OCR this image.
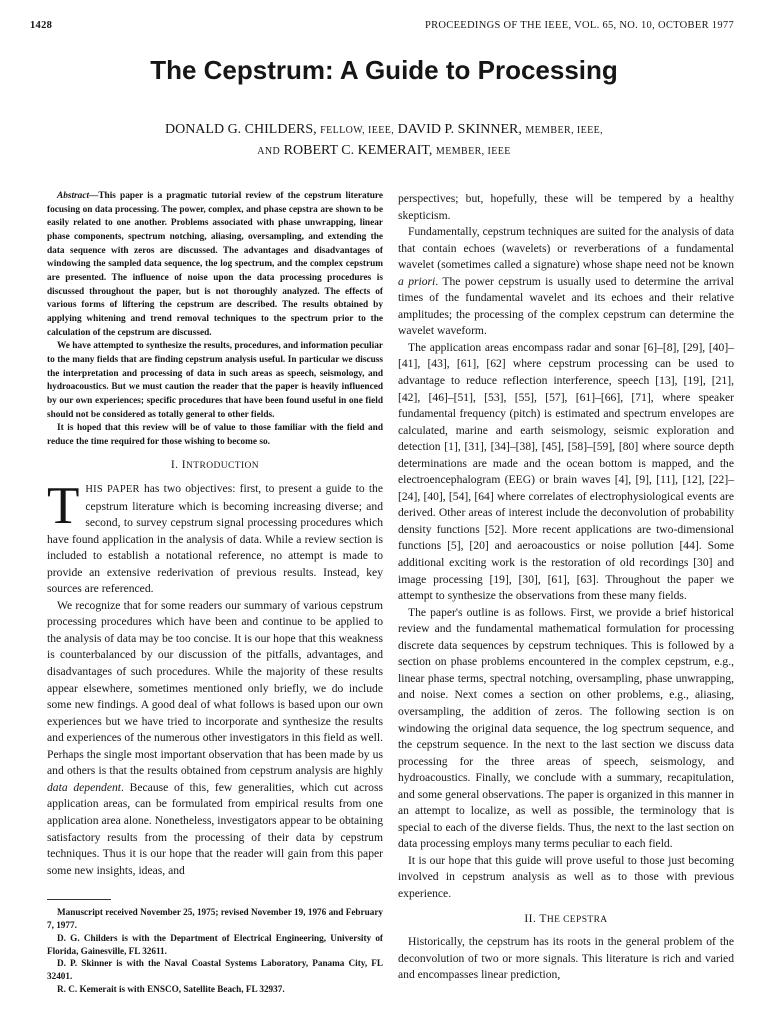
1428	PROCEEDINGS OF THE IEEE, VOL. 65, NO. 10, OCTOBER 1977
The Cepstrum: A Guide to Processing
DONALD G. CHILDERS, FELLOW, IEEE, DAVID P. SKINNER, MEMBER, IEEE,
AND ROBERT C. KEMERAIT, MEMBER, IEEE

Abstract—This paper is a pragmatic tutorial review of the cepstrum literature focusing on data processing. The power, complex, and phase cepstra are shown to be easily related to one another. Problems associated with phase unwrapping, linear phase components, spectrum notching, aliasing, oversampling, and extending the data sequence with zeros are discussed. The advantages and disadvantages of windowing the sampled data sequence, the log spectrum, and the complex cepstrum are presented. The influence of noise upon the data processing procedures is discussed throughout the paper, but is not thoroughly analyzed. The effects of various forms of liftering the cepstrum are described. The results obtained by applying whitening and trend removal techniques to the spectrum prior to the calculation of the cepstrum are discussed.

We have attempted to synthesize the results, procedures, and information peculiar to the many fields that are finding cepstrum analysis useful. In particular we discuss the interpretation and processing of data in such areas as speech, seismology, and hydroacoustics. But we must caution the reader that the paper is heavily influenced by our own experiences; specific procedures that have been found useful in one field should not be considered as totally general to other fields.

It is hoped that this review will be of value to those familiar with the field and reduce the time required for those wishing to become so.

I. INTRODUCTION

THIS PAPER has two objectives: first, to present a guide to the cepstrum literature which is becoming increasing diverse; and second, to survey cepstrum signal processing procedures which have found application in the analysis of data. While a review section is included to establish a notational reference, no attempt is made to provide an extensive rederivation of previous results. Instead, key sources are referenced.

We recognize that for some readers our summary of various cepstrum processing procedures which have been and continue to be applied to the analysis of data may be too concise. It is our hope that this weakness is counterbalanced by our discussion of the pitfalls, advantages, and disadvantages of such procedures. While the majority of these results appear elsewhere, sometimes mentioned only briefly, we do include some new findings. A good deal of what follows is based upon our own experiences but we have tried to incorporate and synthesize the results and experiences of the numerous other investigators in this field as well. Perhaps the single most important observation that has been made by us and others is that the results obtained from cepstrum analysis are highly data dependent. Because of this, few generalities, which cut across application areas, can be formulated from empirical results from one application area alone. Nonetheless, investigators appear to be obtaining satisfactory results from the processing of their data by cepstrum techniques. Thus it is our hope that the reader will gain from this paper some new insights, ideas, and

Manuscript received November 25, 1975; revised November 19, 1976 and February 7, 1977.

D. G. Childers is with the Department of Electrical Engineering, University of Florida, Gainesville, FL 32611.

D. P. Skinner is with the Naval Coastal Systems Laboratory, Panama City, FL 32401.

R. C. Kemerait is with ENSCO, Satellite Beach, FL 32937.

perspectives; but, hopefully, these will be tempered by a healthy skepticism.

Fundamentally, cepstrum techniques are suited for the analysis of data that contain echoes (wavelets) or reverberations of a fundamental wavelet (sometimes called a signature) whose shape need not be known a priori. The power cepstrum is usually used to determine the arrival times of the fundamental wavelet and its echoes and their relative amplitudes; the processing of the complex cepstrum can determine the wavelet waveform.

The application areas encompass radar and sonar [6]–[8], [29], [40]–[41], [43], [61], [62] where cepstrum processing can be used to advantage to reduce reflection interference, speech [13], [19], [21], [42], [46]–[51], [53], [55], [57], [61]–[66], [71], where speaker fundamental frequency (pitch) is estimated and spectrum envelopes are calculated, marine and earth seismology, seismic exploration and detection [1], [31], [34]–[38], [45], [58]–[59], [80] where source depth determinations are made and the ocean bottom is mapped, and the electroencephalogram (EEG) or brain waves [4], [9], [11], [12], [22]–[24], [40], [54], [64] where correlates of electrophysiological events are derived. Other areas of interest include the deconvolution of probability density functions [52]. More recent applications are two-dimensional functions [5], [20] and aeroacoustics or noise pollution [44]. Some additional exciting work is the restoration of old recordings [30] and image processing [19], [30], [61], [63]. Throughout the paper we attempt to synthesize the observations from these many fields.

The paper's outline is as follows. First, we provide a brief historical review and the fundamental mathematical formulation for processing discrete data sequences by cepstrum techniques. This is followed by a section on phase problems encountered in the complex cepstrum, e.g., linear phase terms, spectral notching, oversampling, phase unwrapping, and noise. Next comes a section on other problems, e.g., aliasing, oversampling, the addition of zeros. The following section is on windowing the original data sequence, the log spectrum sequence, and the cepstrum sequence. In the next to the last section we discuss data processing for the three areas of speech, seismology, and hydroacoustics. Finally, we conclude with a summary, recapitulation, and some general observations. The paper is organized in this manner in an attempt to localize, as well as possible, the terminology that is special to each of the diverse fields. Thus, the next to the last section on data processing employs many terms peculiar to each field.

It is our hope that this guide will prove useful to those just becoming involved in cepstrum analysis as well as to those with previous experience.

II. THE CEPSTRA

Historically, the cepstrum has its roots in the general problem of the deconvolution of two or more signals. This literature is rich and varied and encompasses linear prediction,
